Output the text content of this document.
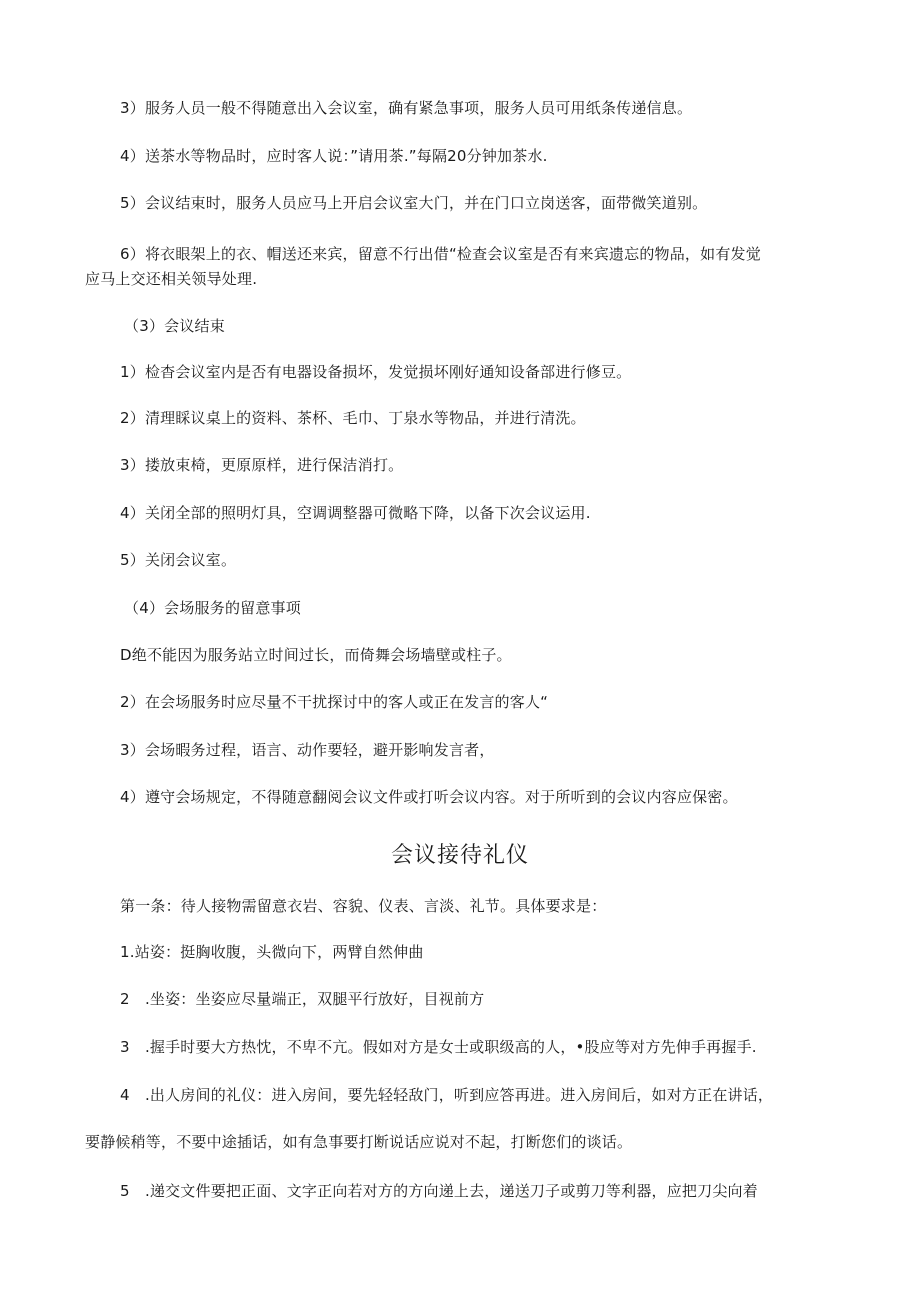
3）服务人员一般不得随意出入会议室，确有紧急事项，服务人员可用纸条传递信息。
4）送茶水等物品时，应时客人说：”请用茶.”每隔20分钟加茶水.
5）会议结束时，服务人员应马上开启会议室大门，并在门口立岗送客，面带微笑道别。
6）将衣眼架上的衣、帽送还来宾，留意不行出借“检查会议室是否有来宾遗忘的物品，如有发觉
应马上交还相关领导处理.
（3）会议结束
1）检杳会议室内是否有电器设备损坏，发觉损坏刚好通知设备部进行修豆。
2）清理睬议桌上的资料、茶杯、毛巾、丁泉水等物品，并进行清洗。
3）搂放束椅，更原原样，进行保洁消打。
4）关闭全部的照明灯具，空调调整器可微略下降，以备下次会议运用.
5）关闭会议室。
（4）会场服务的留意事项
D绝不能因为服务站立时间过长，而倚舞会场墙壁或柱子。
2）在会场服务时应尽量不干扰探讨中的客人或正在发言的客人“
3）会场暇务过程，语言、动作要轻，避开影响发言者，
4）遵守会场规定，不得随意翻阅会议文件或打听会议内容。对于所听到的会议内容应保密。
会议接待礼仪
第一条：待人接物需留意衣岩、容貌、仪表、言淡、礼节。具体要求是：
1.站姿：挺胸收腹，头微向下，两臂自然伸曲
2　.坐姿：坐姿应尽量端正，双腿平行放好，目视前方
3　.握手时要大方热忱，不卑不亢。假如对方是女士或职级高的人，•股应等对方先伸手再握手.
4　.出人房间的礼仪：进入房间，要先轻轻敌门，听到应答再进。进入房间后，如对方正在讲话，
要静候稍等，不要中途插话，如有急事要打断说话应说对不起，打断您们的谈话。
5　.递交文件要把正面、文字正向若对方的方向递上去，递送刀子或剪刀等利器，应把刀尖向着
